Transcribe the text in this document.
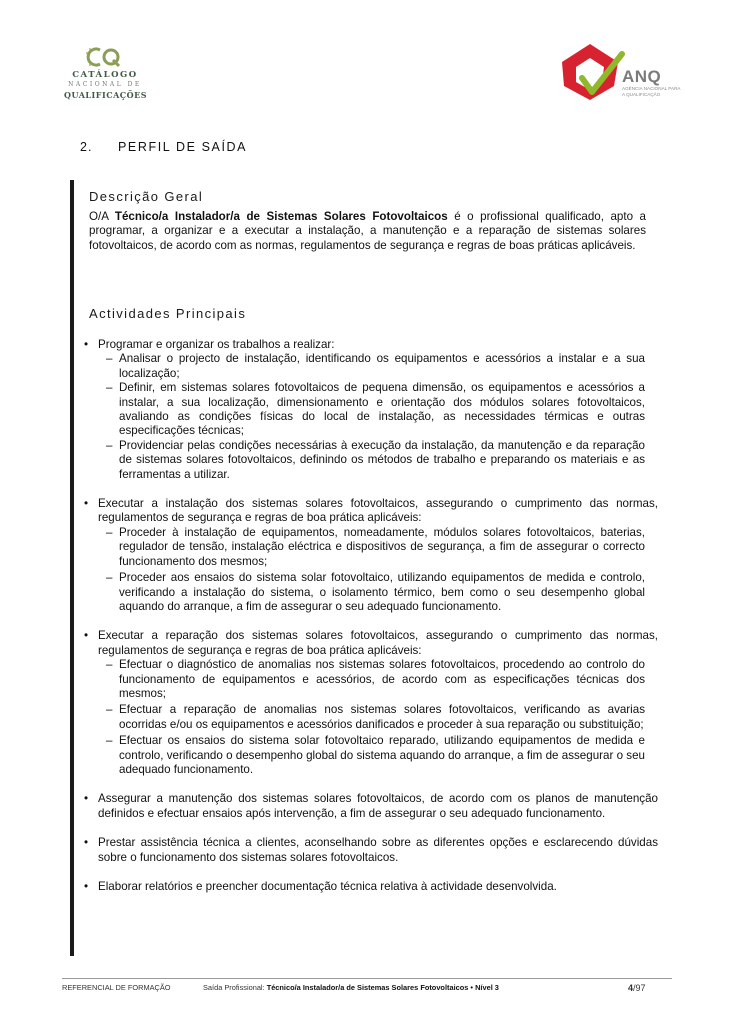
CATÁLOGO
NACIONAL DE
QUALIFICAÇÕES
ANQ
AGÊNCIA NACIONAL PARA A QUALIFICAÇÃO
2. PERFIL DE SAÍDA
Descrição Geral
O/A Técnico/a Instalador/a de Sistemas Solares Fotovoltaicos é o profissional qualificado, apto a programar, a organizar e a executar a instalação, a manutenção e a reparação de sistemas solares fotovoltaicos, de acordo com as normas, regulamentos de segurança e regras de boas práticas aplicáveis.
Actividades Principais
• Programar e organizar os trabalhos a realizar:
– Analisar o projecto de instalação, identificando os equipamentos e acessórios a instalar e a sua localização;
– Definir, em sistemas solares fotovoltaicos de pequena dimensão, os equipamentos e acessórios a instalar, a sua localização, dimensionamento e orientação dos módulos solares fotovoltaicos, avaliando as condições físicas do local de instalação, as necessidades térmicas e outras especificações técnicas;
– Providenciar pelas condições necessárias à execução da instalação, da manutenção e da reparação de sistemas solares fotovoltaicos, definindo os métodos de trabalho e preparando os materiais e as ferramentas a utilizar.
• Executar a instalação dos sistemas solares fotovoltaicos, assegurando o cumprimento das normas, regulamentos de segurança e regras de boa prática aplicáveis:
– Proceder à instalação de equipamentos, nomeadamente, módulos solares fotovoltaicos, baterias, regulador de tensão, instalação eléctrica e dispositivos de segurança, a fim de assegurar o correcto funcionamento dos mesmos;
– Proceder aos ensaios do sistema solar fotovoltaico, utilizando equipamentos de medida e controlo, verificando a instalação do sistema, o isolamento térmico, bem como o seu desempenho global aquando do arranque, a fim de assegurar o seu adequado funcionamento.
• Executar a reparação dos sistemas solares fotovoltaicos, assegurando o cumprimento das normas, regulamentos de segurança e regras de boa prática aplicáveis:
– Efectuar o diagnóstico de anomalias nos sistemas solares fotovoltaicos, procedendo ao controlo do funcionamento de equipamentos e acessórios, de acordo com as especificações técnicas dos mesmos;
– Efectuar a reparação de anomalias nos sistemas solares fotovoltaicos, verificando as avarias ocorridas e/ou os equipamentos e acessórios danificados e proceder à sua reparação ou substituição;
– Efectuar os ensaios do sistema solar fotovoltaico reparado, utilizando equipamentos de medida e controlo, verificando o desempenho global do sistema aquando do arranque, a fim de assegurar o seu adequado funcionamento.
• Assegurar a manutenção dos sistemas solares fotovoltaicos, de acordo com os planos de manutenção definidos e efectuar ensaios após intervenção, a fim de assegurar o seu adequado funcionamento.
• Prestar assistência técnica a clientes, aconselhando sobre as diferentes opções e esclarecendo dúvidas sobre o funcionamento dos sistemas solares fotovoltaicos.
• Elaborar relatórios e preencher documentação técnica relativa à actividade desenvolvida.
REFERENCIAL DE FORMAÇÃO	Saída Profissional: Técnico/a Instalador/a de Sistemas Solares Fotovoltaicos • Nível 3	4/97
